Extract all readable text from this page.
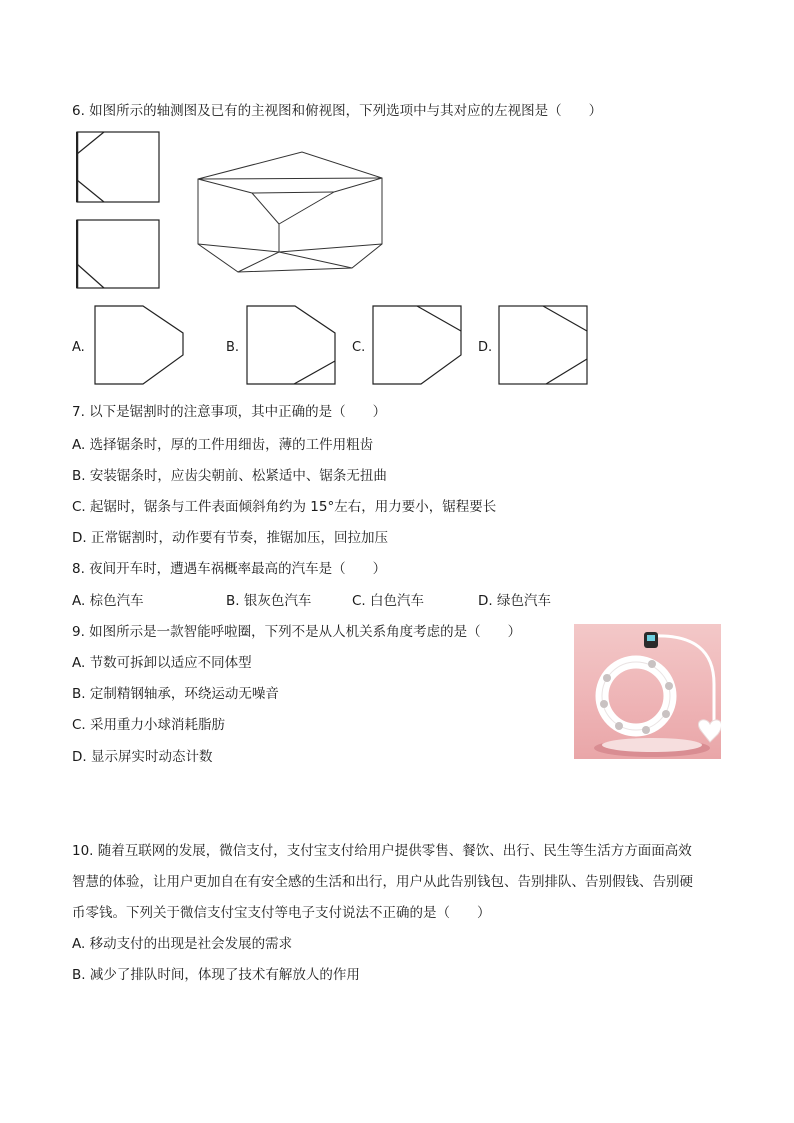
6. 如图所示的轴测图及已有的主视图和俯视图，下列选项中与其对应的左视图是（　　）
A.	B.	C.	D.
7. 以下是锯割时的注意事项，其中正确的是（　　）
A. 选择锯条时，厚的工件用细齿，薄的工件用粗齿
B. 安装锯条时，应齿尖朝前、松紧适中、锯条无扭曲
C. 起锯时，锯条与工件表面倾斜角约为 15°左右，用力要小，锯程要长
D. 正常锯割时，动作要有节奏，推锯加压，回拉加压
8. 夜间开车时，遭遇车祸概率最高的汽车是（　　）
A. 棕色汽车	B. 银灰色汽车	C. 白色汽车	D. 绿色汽车
9. 如图所示是一款智能呼啦圈，下列不是从人机关系角度考虑的是（　　）
A. 节数可拆卸以适应不同体型
B. 定制精钢轴承，环绕运动无噪音
C. 采用重力小球消耗脂肪
D. 显示屏实时动态计数
10. 随着互联网的发展，微信支付，支付宝支付给用户提供零售、餐饮、出行、民生等生活方方面面高效
智慧的体验，让用户更加自在有安全感的生活和出行，用户从此告别钱包、告别排队、告别假钱、告别硬
币零钱。下列关于微信支付宝支付等电子支付说法不正确的是（　　）
A. 移动支付的出现是社会发展的需求
B. 减少了排队时间，体现了技术有解放人的作用
